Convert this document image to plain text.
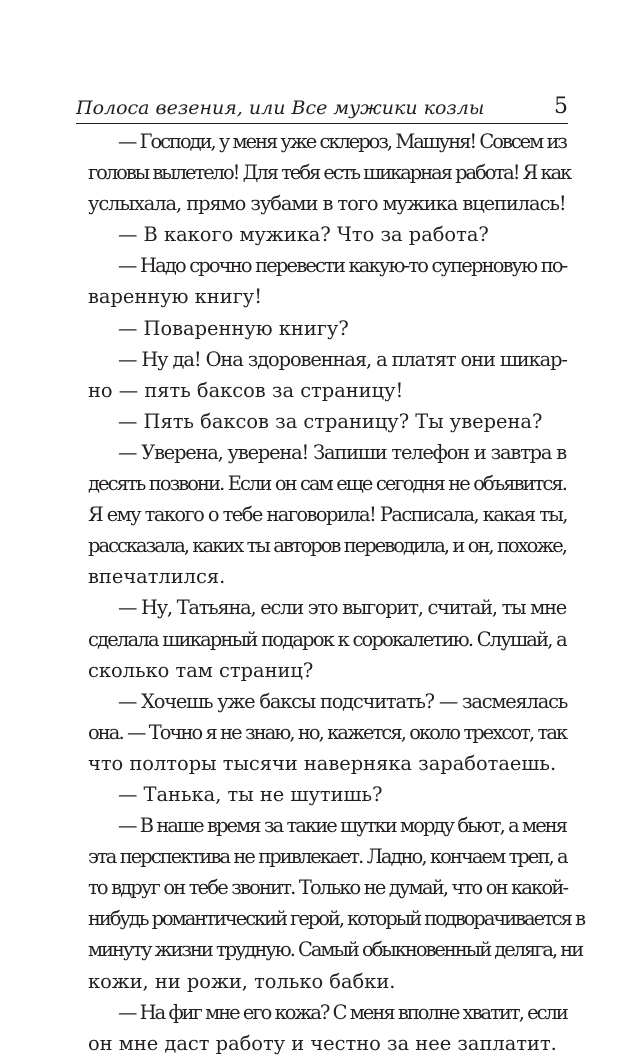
Полоса везения, или Все мужики козлы	5
— Господи, у меня уже склероз, Машуня! Совсем из
головы вылетело! Для тебя есть шикарная работа! Я как
услыхала, прямо зубами в того мужика вцепилась!
— В какого мужика? Что за работа?
— Надо срочно перевести какую-то суперновую по-
варенную книгу!
— Поваренную книгу?
— Ну да! Она здоровенная, а платят они шикар-
но — пять баксов за страницу!
— Пять баксов за страницу? Ты уверена?
— Уверена, уверена! Запиши телефон и завтра в
десять позвони. Если он сам еще сегодня не объявится.
Я ему такого о тебе наговорила! Расписала, какая ты,
рассказала, каких ты авторов переводила, и он, похоже,
впечатлился.
— Ну, Татьяна, если это выгорит, считай, ты мне
сделала шикарный подарок к сорокалетию. Слушай, а
сколько там страниц?
— Хочешь уже баксы подсчитать? — засмеялась
она. — Точно я не знаю, но, кажется, около трехсот, так
что полторы тысячи наверняка заработаешь.
— Танька, ты не шутишь?
— В наше время за такие шутки морду бьют, а меня
эта перспектива не привлекает. Ладно, кончаем треп, а
то вдруг он тебе звонит. Только не думай, что он какой-
нибудь романтический герой, который подворачивается в
минуту жизни трудную. Самый обыкновенный деляга, ни
кожи, ни рожи, только бабки.
— На фиг мне его кожа? С меня вполне хватит, если
он мне даст работу и честно за нее заплатит.
